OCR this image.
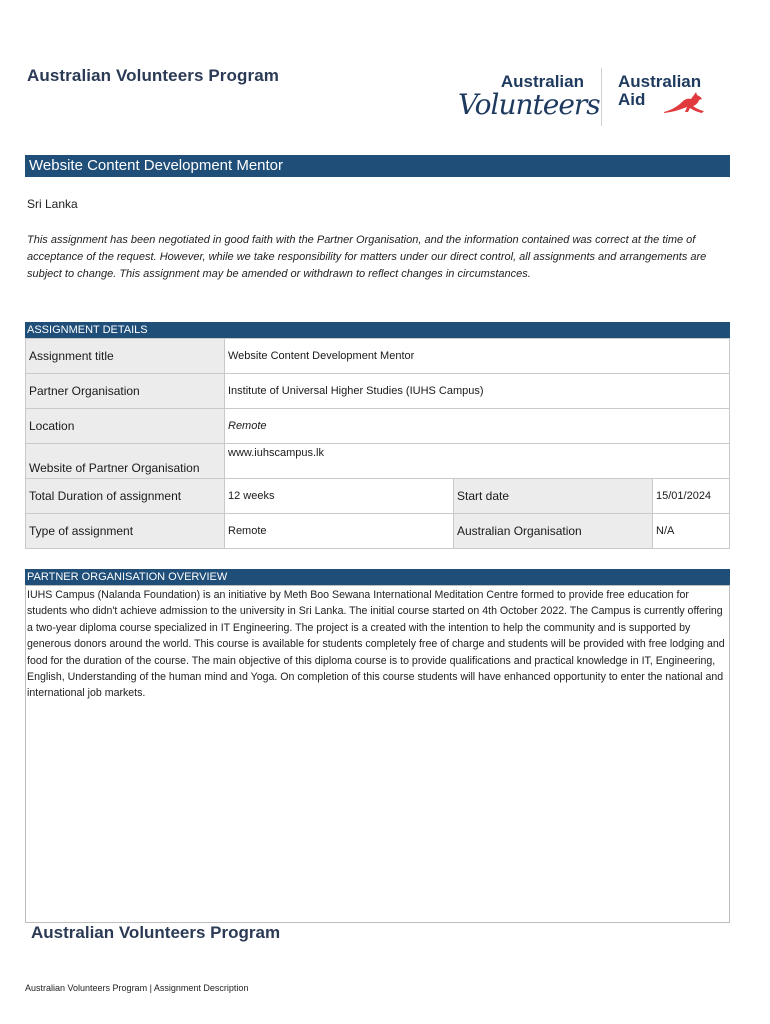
Australian Volunteers Program	Australian
Volunteers
Australian
Aid
Website Content Development Mentor
Sri Lanka
This assignment has been negotiated in good faith with the Partner Organisation, and the information contained was correct at the time of acceptance of the request. However, while we take responsibility for matters under our direct control, all assignments and arrangements are subject to change. This assignment may be amended or withdrawn to reflect changes in circumstances.
ASSIGNMENT DETAILS
Assignment title	Website Content Development Mentor		
Partner Organisation	Institute of Universal Higher Studies (IUHS Campus)		
Location	Remote		
Website of Partner Organisation	www.iuhscampus.lk		
Total Duration of assignment	12 weeks	Start date	15/01/2024
Type of assignment	Remote	Australian Organisation	N/A
PARTNER ORGANISATION OVERVIEW
IUHS Campus (Nalanda Foundation) is an initiative by Meth Boo Sewana International Meditation Centre formed to provide free education for students who didn't achieve admission to the university in Sri Lanka. The initial course started on 4th October 2022. The Campus is currently offering a two-year diploma course specialized in IT Engineering. The project is a created with the intention to help the community and is supported by generous donors around the world. This course is available for students completely free of charge and students will be provided with free lodging and food for the duration of the course. The main objective of this diploma course is to provide qualifications and practical knowledge in IT, Engineering, English, Understanding of the human mind and Yoga. On completion of this course students will have enhanced opportunity to enter the national and international job markets.
Australian Volunteers Program
Australian Volunteers Program | Assignment Description
